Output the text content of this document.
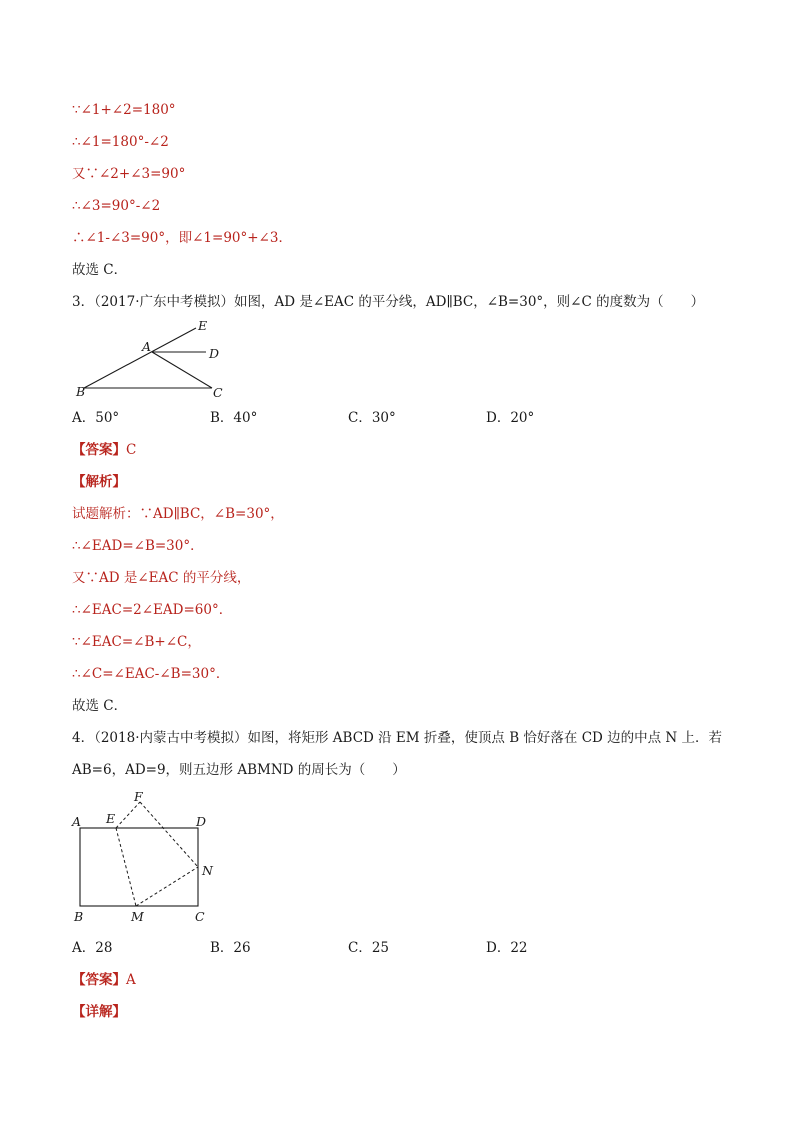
∵∠1+∠2=180°
∴∠1=180°-∠2
又∵∠2+∠3=90°
∴∠3=90°-∠2
∴∠1-∠3=90°，即∠1=90°+∠3．
故选 C．
3．（2017·广东中考模拟）如图，AD 是∠EAC 的平分线，AD∥BC，∠B=30°，则∠C 的度数为（　　）
E
A	D
B	C
A．50°	B．40°	C．30°	D．20°
【答案】C
【解析】
试题解析：∵AD∥BC，∠B=30°，
∴∠EAD=∠B=30°．
又∵AD 是∠EAC 的平分线，
∴∠EAC=2∠EAD=60°．
∵∠EAC=∠B+∠C，
∴∠C=∠EAC-∠B=30°．
故选 C．
4．（2018·内蒙古中考模拟）如图，将矩形 ABCD 沿 EM 折叠，使顶点 B 恰好落在 CD 边的中点 N 上．若
AB=6，AD=9，则五边形 ABMND 的周长为（　　）
A E
F
D
N
B	M	C
A．28	B．26	C．25	D．22
【答案】A
【详解】
